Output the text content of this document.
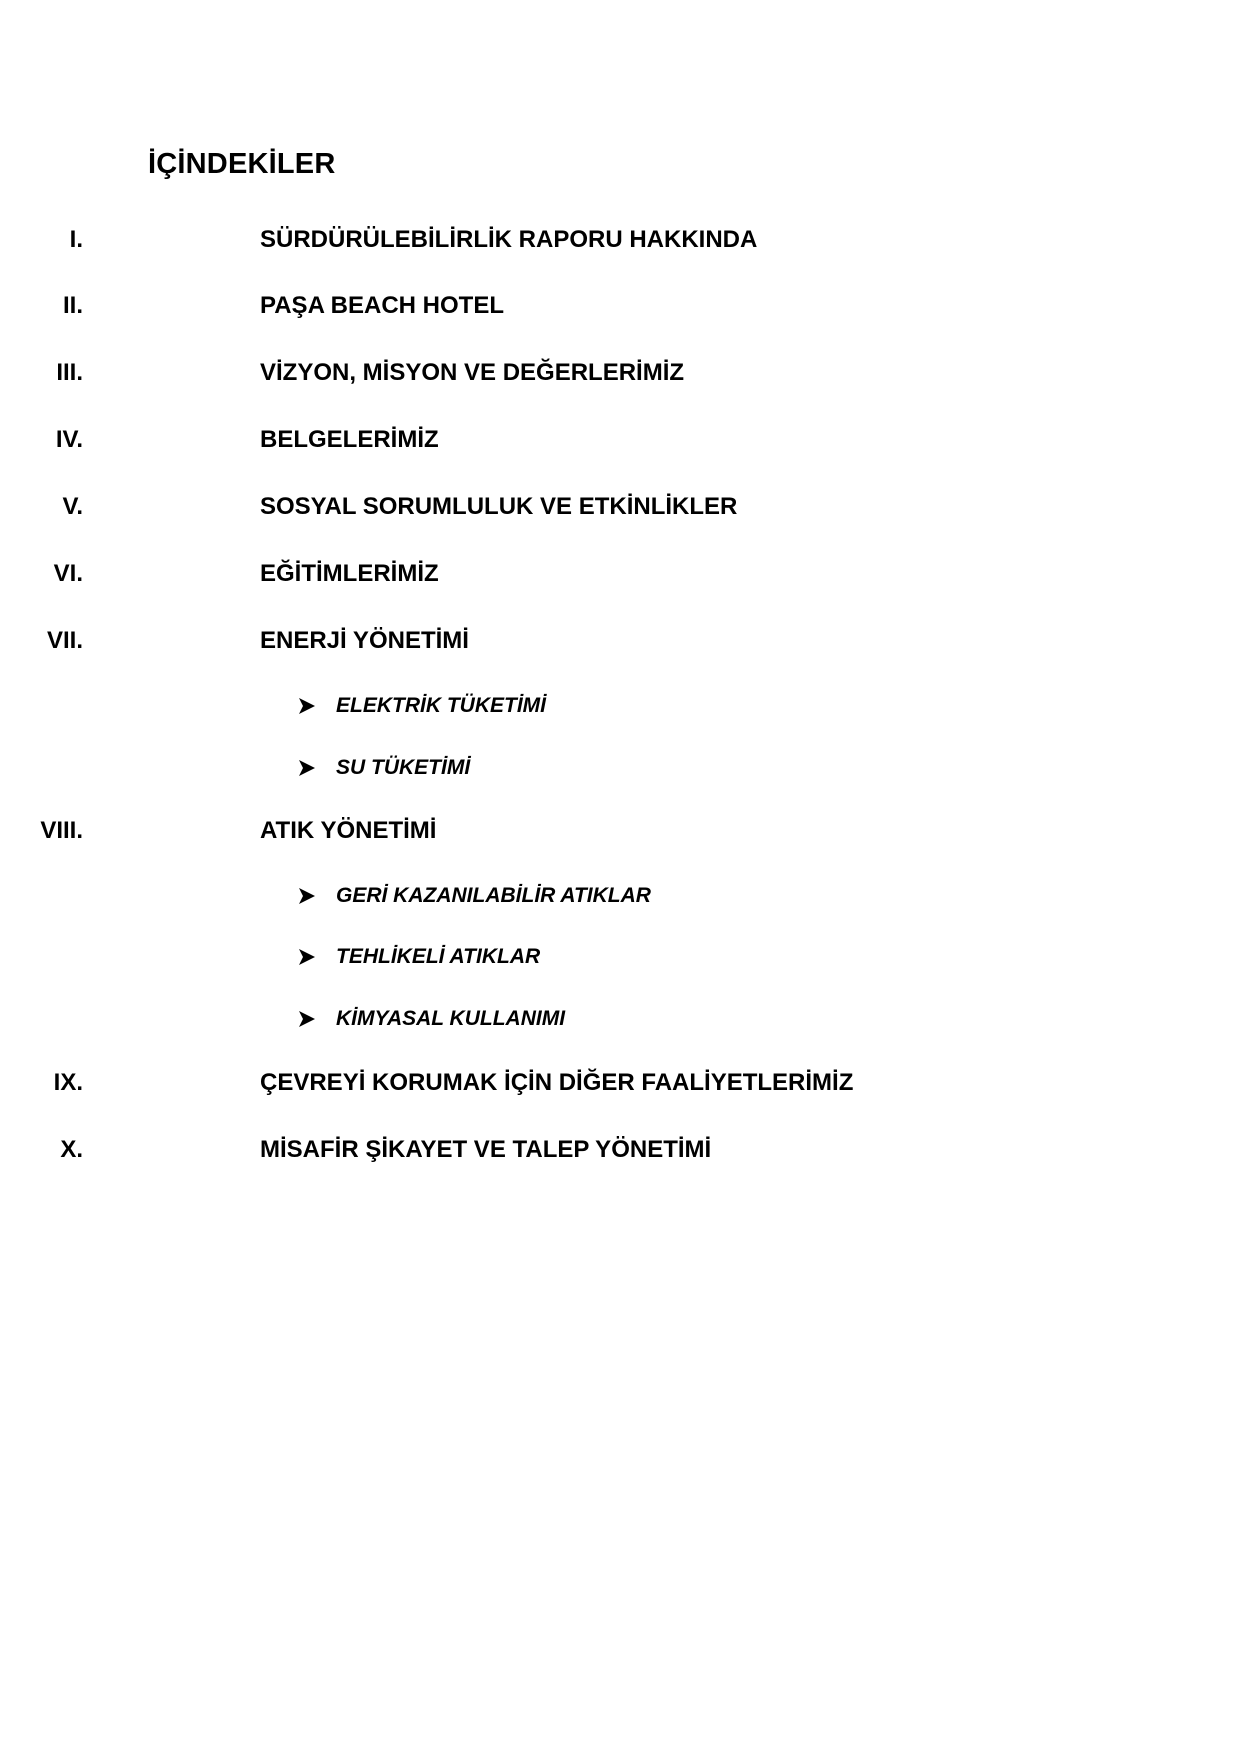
İÇİNDEKİLER
I.	SÜRDÜRÜLEBİLİRLİK RAPORU HAKKINDA
II.	PAŞA BEACH HOTEL
III.	VİZYON, MİSYON VE DEĞERLERİMİZ
IV.	BELGELERİMİZ
V.	SOSYAL SORUMLULUK VE ETKİNLİKLER
VI.	EĞİTİMLERİMİZ
VII.	ENERJİ YÖNETİMİ
ELEKTRİK TÜKETİMİ
SU TÜKETİMİ
VIII.	ATIK YÖNETİMİ
GERİ KAZANILABİLİR ATIKLAR
TEHLİKELİ ATIKLAR
KİMYASAL KULLANIMI
IX.	ÇEVREYİ KORUMAK İÇİN DİĞER FAALİYETLERİMİZ
X.	MİSAFİR ŞİKAYET VE TALEP YÖNETİMİ
